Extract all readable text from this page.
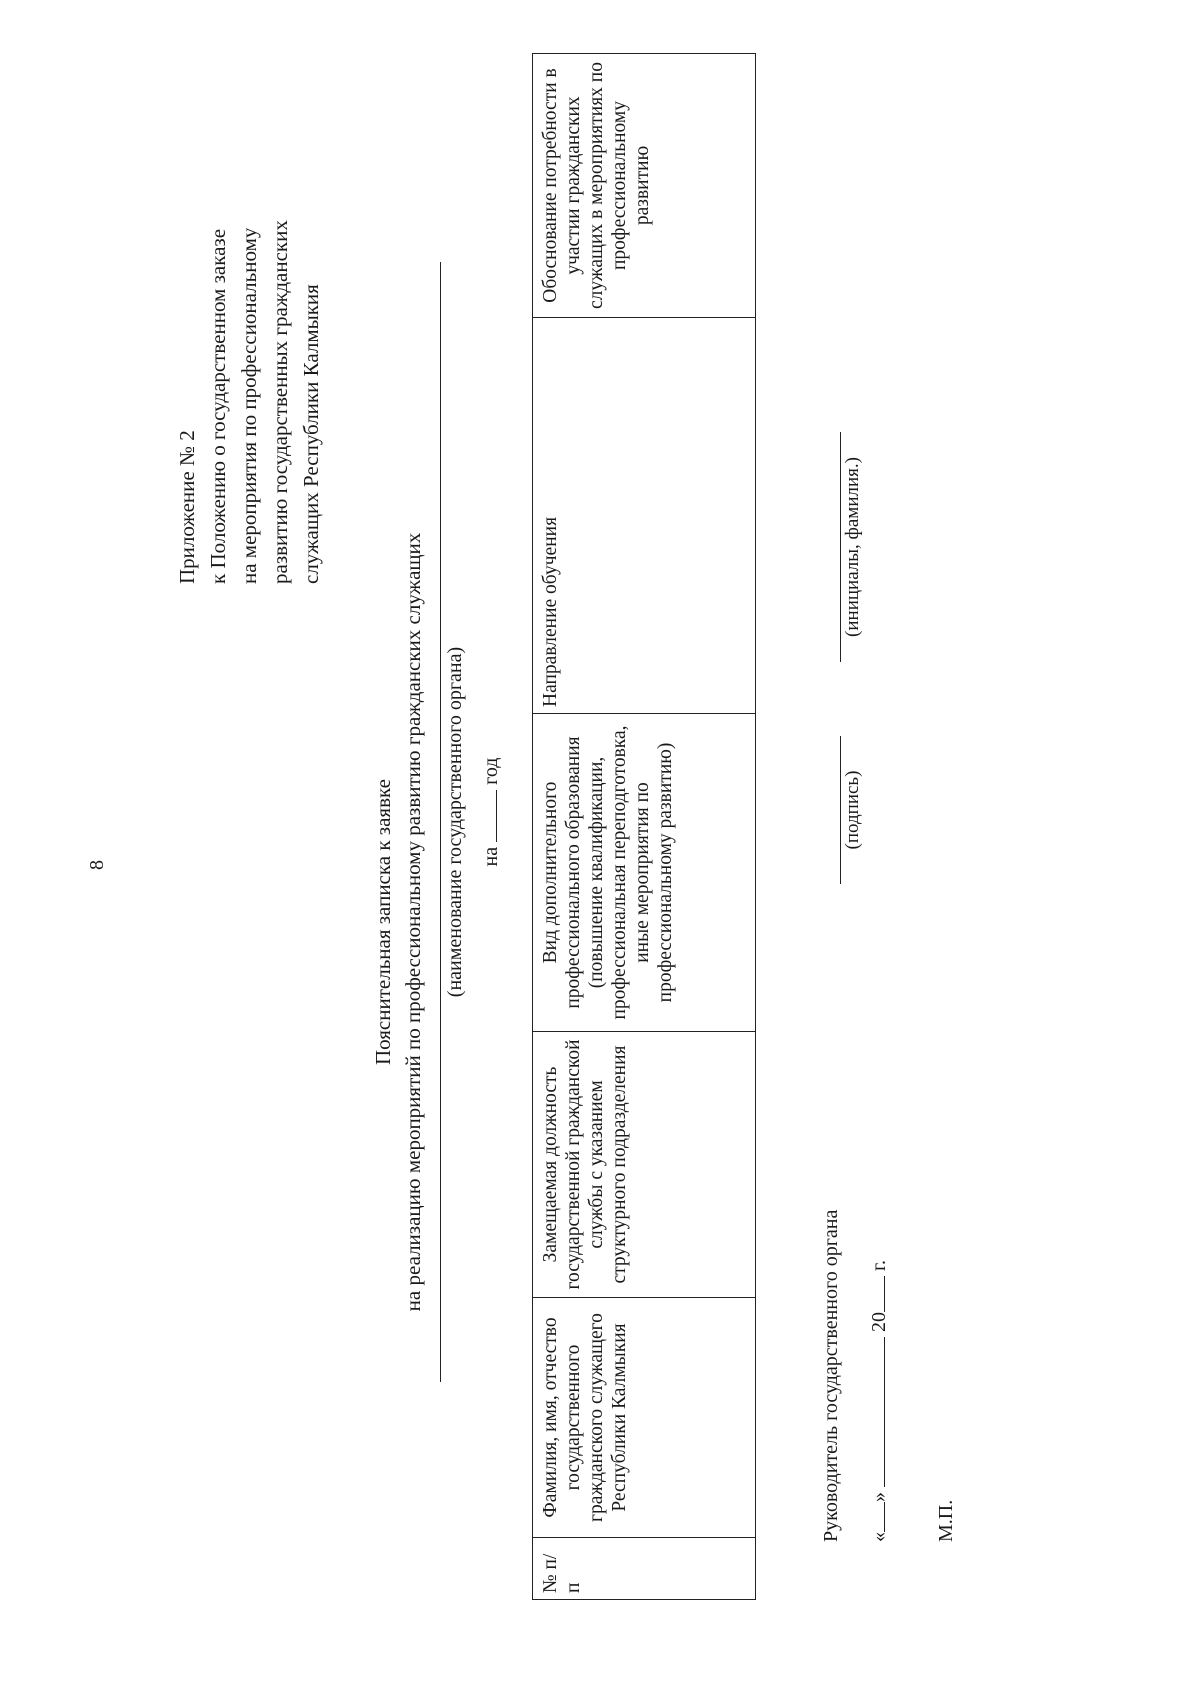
8
Приложение № 2 к Положению о государственном заказе на мероприятия по профессиональному развитию государственных гражданских служащих Республики Калмыкия
Пояснительная записка к заявке на реализацию мероприятий по профессиональному развитию гражданских служащих (наименование государственного органа) на  год
№ п/п	Фамилия, имя, отчество государственного гражданского служащего Республики Калмыкия	Замещаемая должность государственной гражданской службы с указанием структурного подразделения	Вид дополнительного профессионального образования (повышение квалификации, профессиональная переподготовка, иные мероприятия по профессиональному развитию)	Направление обучения	Обоснование потребности в участии гражданских служащих в мероприятиях по профессиональному развитию
Руководитель государственного органа
(подпись)
(инициалы, фамилия.)
«»  20 г.
М.П.
